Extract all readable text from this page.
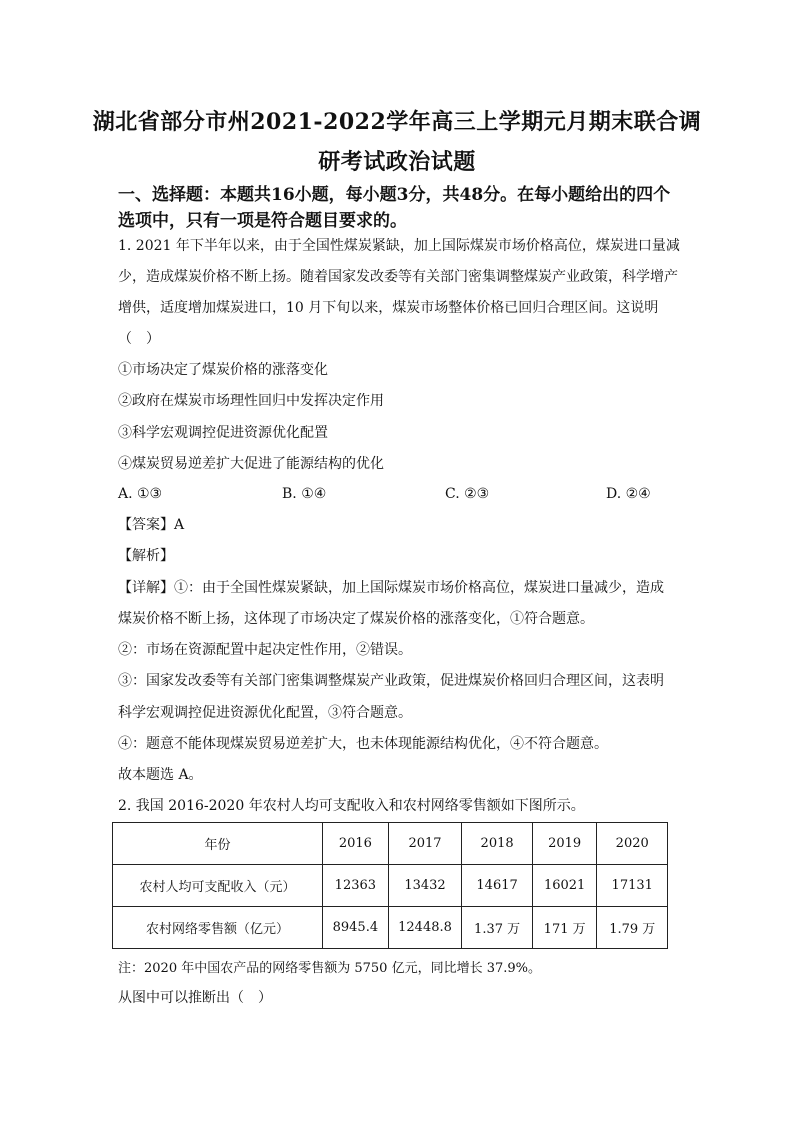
湖北省部分市州2021-2022学年高三上学期元月期末联合调
研考试政治试题
一、选择题：本题共16小题，每小题3分，共48分。在每小题给出的四个选项中，只有一项是符合题目要求的。
1. 2021 年下半年以来，由于全国性煤炭紧缺，加上国际煤炭市场价格高位，煤炭进口量减
少，造成煤炭价格不断上扬。随着国家发改委等有关部门密集调整煤炭产业政策，科学增产
增供，适度增加煤炭进口，10 月下旬以来，煤炭市场整体价格已回归合理区间。这说明
（　）
①市场决定了煤炭价格的涨落变化
②政府在煤炭市场理性回归中发挥决定作用
③科学宏观调控促进资源优化配置
④煤炭贸易逆差扩大促进了能源结构的优化
A. ①③	B. ①④	C. ②③	D. ②④
【答案】A
【解析】
【详解】①：由于全国性煤炭紧缺，加上国际煤炭市场价格高位，煤炭进口量减少，造成
煤炭价格不断上扬，这体现了市场决定了煤炭价格的涨落变化，①符合题意。
②：市场在资源配置中起决定性作用，②错误。
③：国家发改委等有关部门密集调整煤炭产业政策，促进煤炭价格回归合理区间，这表明
科学宏观调控促进资源优化配置，③符合题意。
④：题意不能体现煤炭贸易逆差扩大，也未体现能源结构优化，④不符合题意。
故本题选 A。
2. 我国 2016-2020 年农村人均可支配收入和农村网络零售额如下图所示。
年份	2016	2017	2018	2019	2020
农村人均可支配收入（元）	12363	13432	14617	16021	17131
农村网络零售额（亿元）	8945.4	12448.8	1.37 万	171 万	1.79 万
注：2020 年中国农产品的网络零售额为 5750 亿元，同比增长 37.9%。
从图中可以推断出（　）
